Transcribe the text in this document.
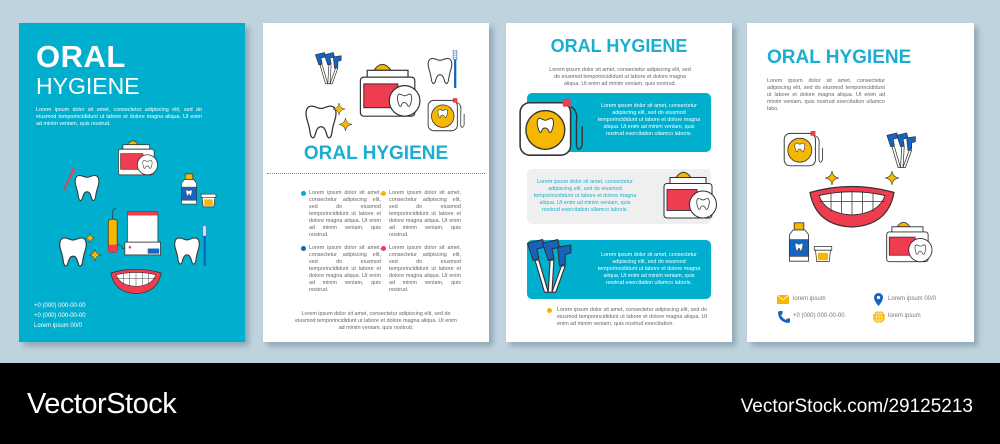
ORAL
HYGIENE
Lorem ipsum dolor sit amet, consectetur adipiscing elit, sed do eiusmod temporincididunt ut labore et dolore magna aliqua. Ut enim ad minim veniam, quis nostrud.
+0 (000) 000-00-00
+0 (000) 000-00-00
Lorem ipsum 00/0
ORAL HYGIENE
Lorem ipsum dolor sit amet, consectetur adipiscing elit, sed do eiusmod temporincididunt ut labore et dolore magna aliqua. Ut enim ad minim veniam, quis nostrud.
Lorem ipsum dolor sit amet, consectetur adipiscing elit, sed do eiusmod temporincididunt ut labore et dolore magna aliqua. Ut enim ad minim veniam, quis nostrud.
Lorem ipsum dolor sit amet, consectetur adipiscing elit, sed do eiusmod temporincididunt ut labore et dolore magna aliqua. Ut enim ad minim veniam, quis nostrud.
Lorem ipsum dolor sit amet, consectetur adipiscing elit, sed do eiusmod temporincididunt ut labore et dolore magna aliqua. Ut enim ad minim veniam, quis nostrud.
Lorem ipsum dolor sit amet, consectetur adipiscing elit, sed do eiusmod temporincididunt ut labore et dolore magna aliqua. Ut enim ad minim veniam, quis nostrud.
ORAL HYGIENE
Lorem ipsum dolor sit amet, consectetur adipiscing elit, sed do eiusmod temporincididunt ut labore et dolore magna aliqua. Ut enim ad minim veniam, quis nostrud.
Lorem ipsum dolor sit amet, consectetur adipiscing elit, sed do eiusmod temporincididunt ut labore et dolore magna aliqua. Ut enim ad minim veniam, quis nostrud exercitation ullamco laboris.
Lorem ipsum dolor sit amet, consectetur adipiscing elit, sed do eiusmod temporincididunt ut labore et dolore magna aliqua. Ut enim ad minim veniam, quis nostrud exercitation ullamco laboris.
Lorem ipsum dolor sit amet, consectetur adipiscing elit, sed do eiusmod temporincididunt ut labore et dolore magna aliqua. Ut enim ad minim veniam, quis nostrud exercitation ullamco laboris.
Lorem ipsum dolor sit amet, consectetur adipiscing elit, sed do eiusmod temporincididunt ut labore et dolore magna aliqua. Ut enim ad minim veniam, quis nostrud exercitation.
ORAL HYGIENE
Lorem ipsum dolor sit amet, consectetur adipiscing elit, sed do eiusmod temporincididunt ut labore et dolore magna aliqua. Ut enim ad minim veniam, quis nostrud exercitation ullamco labo.
lorem ipsum	Lorem ipsum 00/0
+0 (000) 000-00-00	lorem ipsum
VectorStock	VectorStock.com/29125213
